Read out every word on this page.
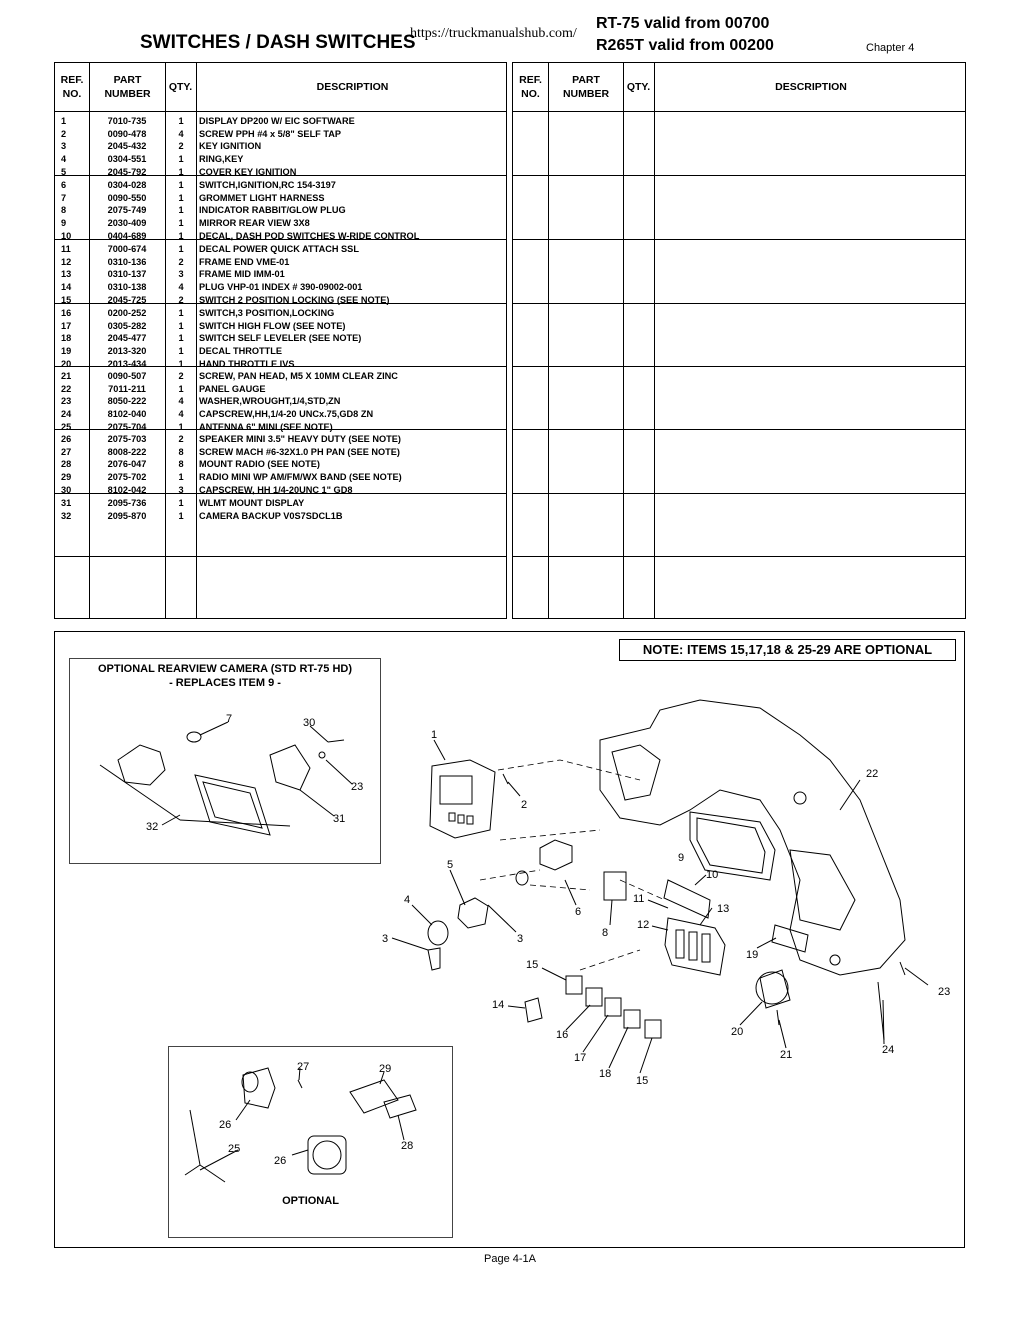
SWITCHES / DASH SWITCHES
https://truckmanualshub.com/
RT-75 valid from 00700
R265T valid from 00200	Chapter 4
REF.
NO.
PART
NUMBER
QTY.	DESCRIPTION
1	7010-735	1	DISPLAY DP200 W/ EIC SOFTWARE
2	0090-478	4	SCREW PPH #4 x 5/8" SELF TAP
3	2045-432	2	KEY IGNITION
4	0304-551	1	RING,KEY
5	2045-792	1	COVER KEY IGNITION
6	0304-028	1	SWITCH,IGNITION,RC 154-3197
7	0090-550	1	GROMMET LIGHT HARNESS
8	2075-749	1	INDICATOR RABBIT/GLOW PLUG
9	2030-409	1	MIRROR REAR VIEW 3X8
10	0404-689	1	DECAL, DASH POD SWITCHES W-RIDE CONTROL
11	7000-674	1	DECAL POWER QUICK ATTACH SSL
12	0310-136	2	FRAME END VME-01
13	0310-137	3	FRAME MID IMM-01
14	0310-138	4	PLUG VHP-01 INDEX # 390-09002-001
15	2045-725	2	SWITCH 2 POSITION LOCKING (SEE NOTE)
16	0200-252	1	SWITCH,3 POSITION,LOCKING
17	0305-282	1	SWITCH HIGH FLOW (SEE NOTE)
18	2045-477	1	SWITCH SELF LEVELER (SEE NOTE)
19	2013-320	1	DECAL THROTTLE
20	2013-434	1	HAND THROTTLE IVS
21	0090-507	2	SCREW, PAN HEAD, M5 X 10MM CLEAR ZINC
22	7011-211	1	PANEL GAUGE
23	8050-222	4	WASHER,WROUGHT,1/4,STD,ZN
24	8102-040	4	CAPSCREW,HH,1/4-20 UNCx.75,GD8 ZN
25	2075-704	1	ANTENNA 6" MINI (SEE NOTE)
26	2075-703	2	SPEAKER MINI 3.5" HEAVY DUTY (SEE NOTE)
27	8008-222	8	SCREW MACH #6-32X1.0 PH PAN (SEE NOTE)
28	2076-047	8	MOUNT RADIO (SEE NOTE)
29	2075-702	1	RADIO MINI WP AM/FM/WX BAND (SEE NOTE)
30	8102-042	3	CAPSCREW, HH 1/4-20UNC 1" GD8
31	2095-736	1	WLMT MOUNT DISPLAY
32	2095-870	1	CAMERA BACKUP V0S7SDCL1B
REF.
NO.
PART
NUMBER
QTY.	DESCRIPTION
NOTE: ITEMS 15,17,18 & 25-29 ARE OPTIONAL
OPTIONAL REARVIEW CAMERA (STD RT-75 HD)
- REPLACES ITEM 9 -
OPTIONAL
1
2
3	3
4
5
6
7
8
9
10
11
12
13
14
15
15
16
17
18
19
20
21
22
23
23
24
25
26
26
27
28
29
30
31
32
Page 4-1A
